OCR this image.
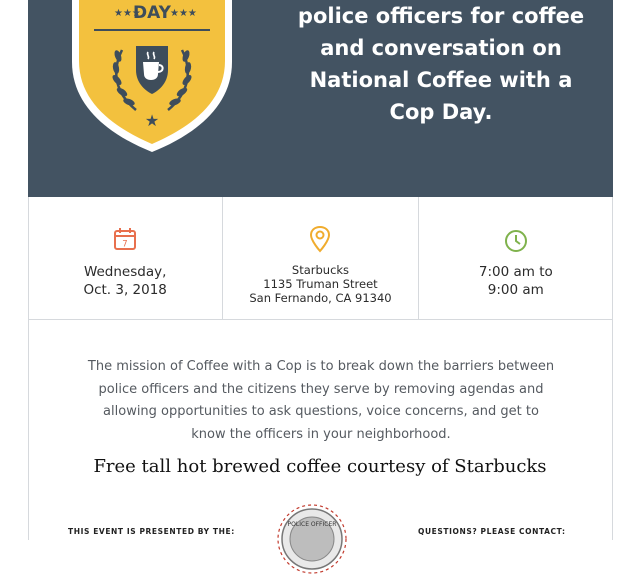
★★★
DAY ★★★
★
police officers for coffee
and conversation on
National Coffee with a
Cop Day.
7
Wednesday,
Oct. 3, 2018
Starbucks
1135 Truman Street
San Fernando, CA 91340
7:00 am to
9:00 am

The mission of Coffee with a Cop is to break down the barriers between
police officers and the citizens they serve by removing agendas and
allowing opportunities to ask questions, voice concerns, and get to
know the officers in your neighborhood.

Free tall hot brewed coffee courtesy of Starbucks

THIS EVENT IS PRESENTED BY THE:
POLICE OFFICER
QUESTIONS? PLEASE CONTACT:
